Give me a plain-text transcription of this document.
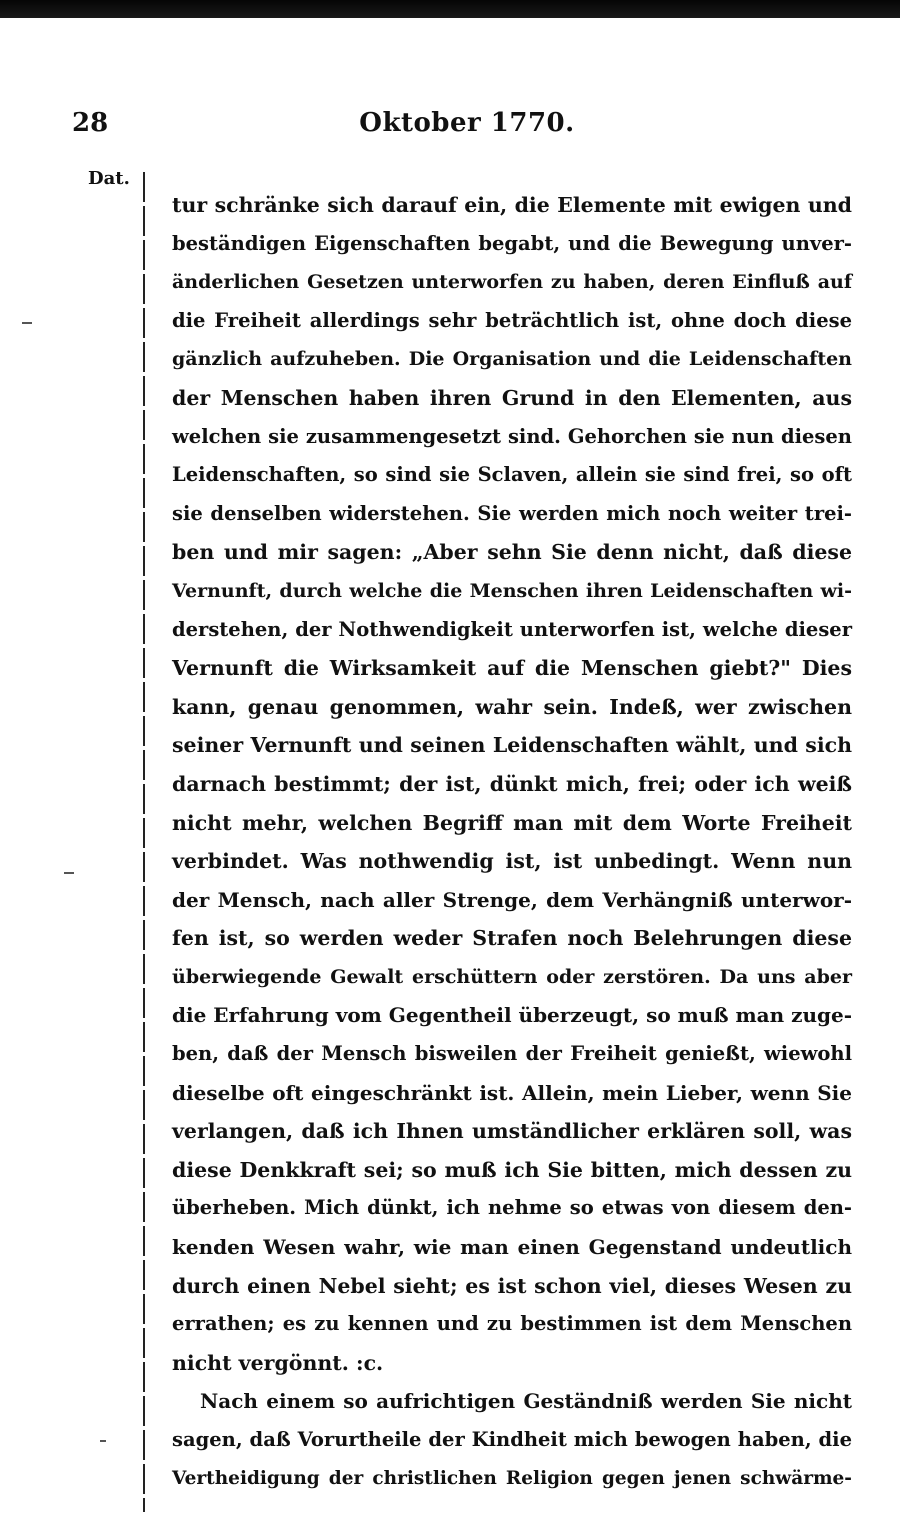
28	Oktober 1770.
Dat.
tur schränke sich darauf ein, die Elemente mit ewigen und
beständigen Eigenschaften begabt, und die Bewegung unver-
änderlichen Gesetzen unterworfen zu haben, deren Einfluß auf
die Freiheit allerdings sehr beträchtlich ist, ohne doch diese
gänzlich aufzuheben. Die Organisation und die Leidenschaften
der Menschen haben ihren Grund in den Elementen, aus
welchen sie zusammengesetzt sind. Gehorchen sie nun diesen
Leidenschaften, so sind sie Sclaven, allein sie sind frei, so oft
sie denselben widerstehen. Sie werden mich noch weiter trei-
ben und mir sagen: „Aber sehn Sie denn nicht, daß diese
Vernunft, durch welche die Menschen ihren Leidenschaften wi-
derstehen, der Nothwendigkeit unterworfen ist, welche dieser
Vernunft die Wirksamkeit auf die Menschen giebt?" Dies
kann, genau genommen, wahr sein. Indeß, wer zwischen
seiner Vernunft und seinen Leidenschaften wählt, und sich
darnach bestimmt; der ist, dünkt mich, frei; oder ich weiß
nicht mehr, welchen Begriff man mit dem Worte Freiheit
verbindet. Was nothwendig ist, ist unbedingt. Wenn nun
der Mensch, nach aller Strenge, dem Verhängniß unterwor-
fen ist, so werden weder Strafen noch Belehrungen diese
überwiegende Gewalt erschüttern oder zerstören. Da uns aber
die Erfahrung vom Gegentheil überzeugt, so muß man zuge-
ben, daß der Mensch bisweilen der Freiheit genießt, wiewohl
dieselbe oft eingeschränkt ist. Allein, mein Lieber, wenn Sie
verlangen, daß ich Ihnen umständlicher erklären soll, was
diese Denkkraft sei; so muß ich Sie bitten, mich dessen zu
überheben. Mich dünkt, ich nehme so etwas von diesem den-
kenden Wesen wahr, wie man einen Gegenstand undeutlich
durch einen Nebel sieht; es ist schon viel, dieses Wesen zu
errathen; es zu kennen und zu bestimmen ist dem Menschen
nicht vergönnt. :c.
Nach einem so aufrichtigen Geständniß werden Sie nicht
sagen, daß Vorurtheile der Kindheit mich bewogen haben, die
Vertheidigung der christlichen Religion gegen jenen schwärme-
